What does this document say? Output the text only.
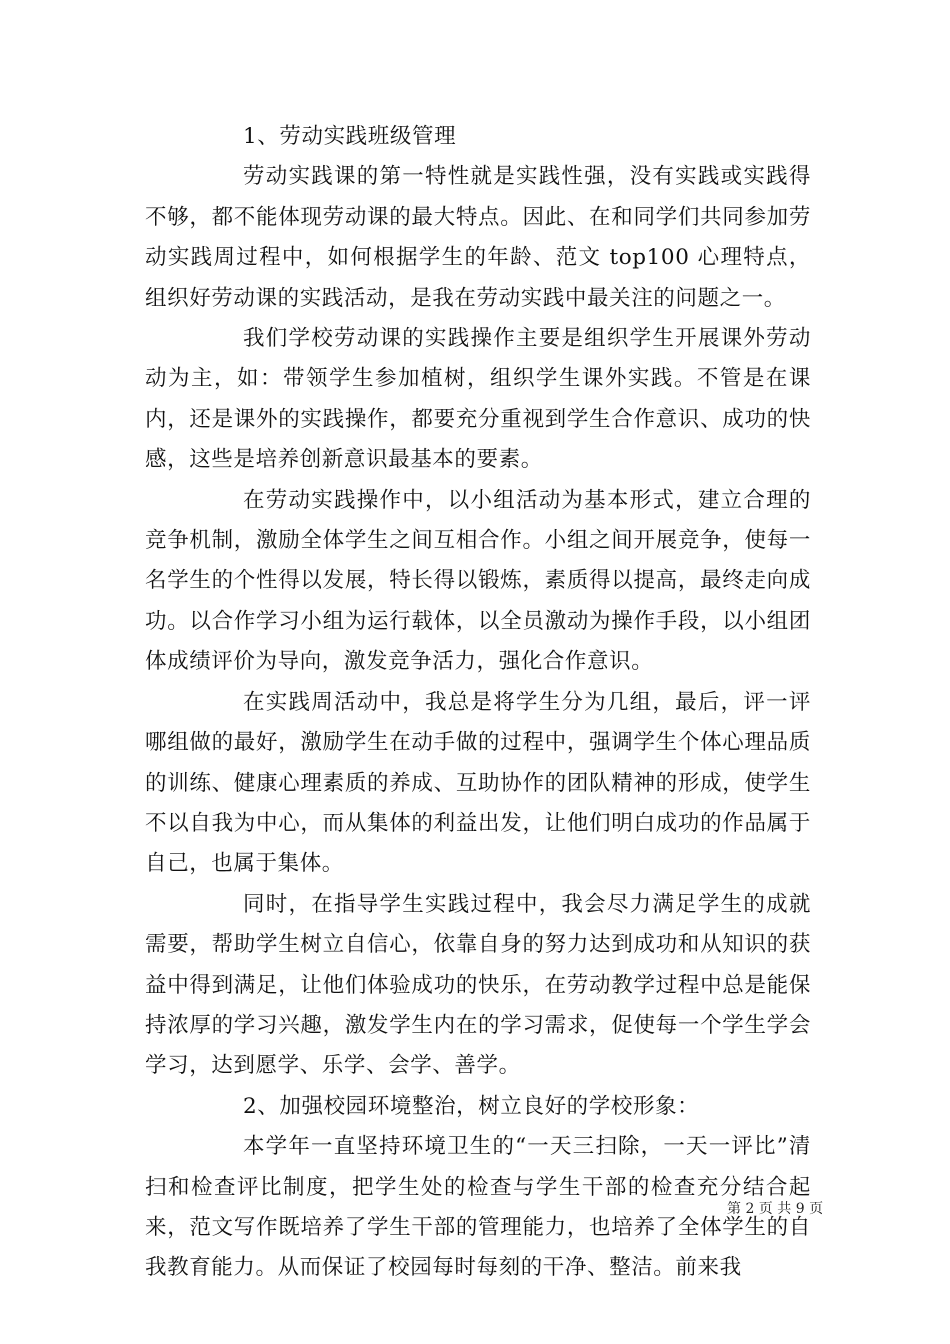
1、劳动实践班级管理

劳动实践课的第一特性就是实践性强，没有实践或实践得不够，都不能体现劳动课的最大特点。因此、在和同学们共同参加劳动实践周过程中，如何根据学生的年龄、范文 top100 心理特点，组织好劳动课的实践活动，是我在劳动实践中最关注的问题之一。

我们学校劳动课的实践操作主要是组织学生开展课外劳动动为主，如：带领学生参加植树，组织学生课外实践。不管是在课内，还是课外的实践操作，都要充分重视到学生合作意识、成功的快感，这些是培养创新意识最基本的要素。

在劳动实践操作中，以小组活动为基本形式，建立合理的竞争机制，激励全体学生之间互相合作。小组之间开展竞争，使每一名学生的个性得以发展，特长得以锻炼，素质得以提高，最终走向成功。以合作学习小组为运行载体，以全员激动为操作手段，以小组团体成绩评价为导向，激发竞争活力，强化合作意识。

在实践周活动中，我总是将学生分为几组，最后，评一评哪组做的最好，激励学生在动手做的过程中，强调学生个体心理品质的训练、健康心理素质的养成、互助协作的团队精神的形成，使学生不以自我为中心，而从集体的利益出发，让他们明白成功的作品属于自己，也属于集体。

同时，在指导学生实践过程中，我会尽力满足学生的成就需要，帮助学生树立自信心，依靠自身的努力达到成功和从知识的获益中得到满足，让他们体验成功的快乐，在劳动教学过程中总是能保持浓厚的学习兴趣，激发学生内在的学习需求，促使每一个学生学会学习，达到愿学、乐学、会学、善学。

2、加强校园环境整治，树立良好的学校形象：

本学年一直坚持环境卫生的“一天三扫除，一天一评比”清扫和检查评比制度，把学生处的检查与学生干部的检查充分结合起来，范文写作既培养了学生干部的管理能力，也培养了全体学生的自我教育能力。从而保证了校园每时每刻的干净、整洁。前来我

第 2 页 共 9 页
